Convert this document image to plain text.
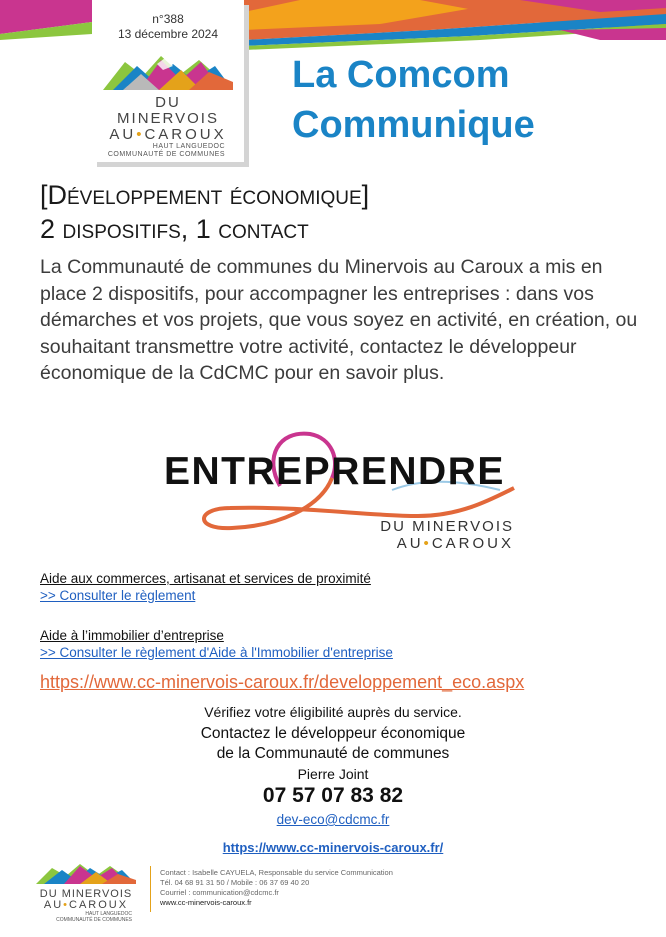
n°388
13 décembre 2024
DU MINERVOIS
AU•CAROUX
HAUT LANGUEDOC
COMMUNAUTÉ DE COMMUNES
La Comcom
Communique
[Développement économique]
2 dispositifs, 1 contact
La Communauté de communes du Minervois au Caroux a mis en place 2 dispositifs, pour accompagner les entreprises : dans vos démarches et vos projets, que vous soyez en activité, en création, ou souhaitant transmettre votre activité, contactez le développeur économique de la CdCMC pour en savoir plus.
ENTREPRENDRE
DU MINERVOIS
AU•CAROUX
Aide aux commerces, artisanat et services de proximité
>> Consulter le règlement
Aide à l’immobilier d’entreprise
>> Consulter le règlement d'Aide à l'Immobilier d'entreprise
https://www.cc-minervois-caroux.fr/developpement_eco.aspx
Vérifiez votre éligibilité auprès du service.
Contactez le développeur économique
de la Communauté de communes
Pierre Joint
07 57 07 83 82
dev-eco@cdcmc.fr
https://www.cc-minervois-caroux.fr/
DU MINERVOIS
AU•CAROUX
HAUT LANGUEDOC
COMMUNAUTÉ DE COMMUNES
Contact : Isabelle CAYUELA, Responsable du service Communication
Tél. 04 68 91 31 50 / Mobile : 06 37 69 40 20
Courriel : communication@cdcmc.fr
www.cc-minervois-caroux.fr
